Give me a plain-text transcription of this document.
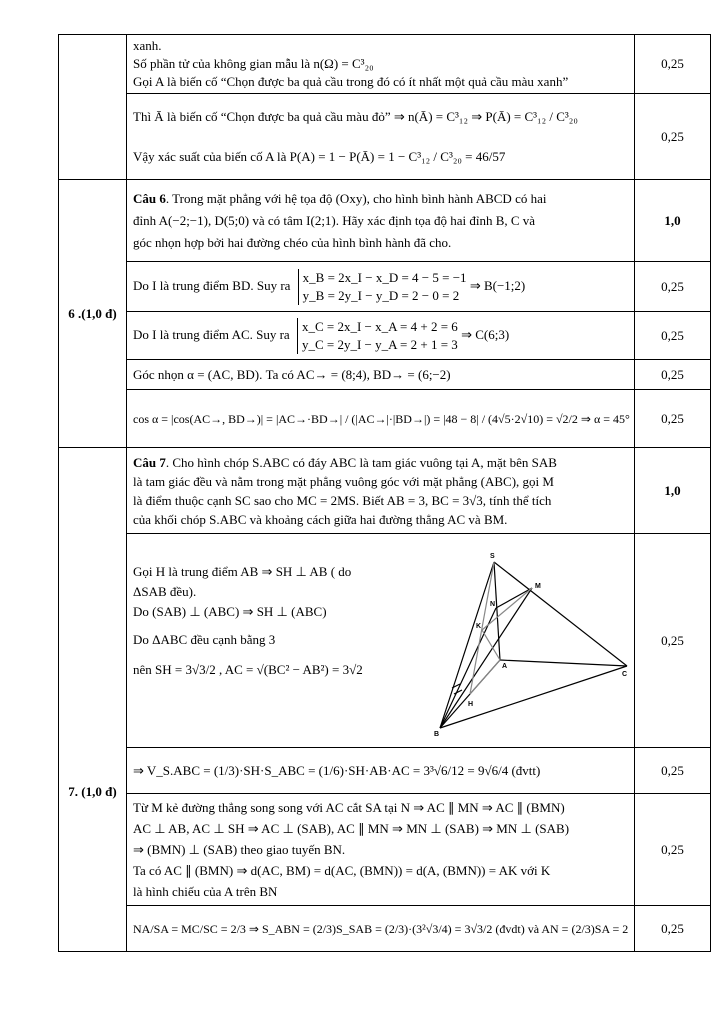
	xanh.
Số phần tử của không gian mẫu là n(Ω) = C³₂₀
Gọi A là biến cố “Chọn được ba quả cầu trong đó có ít nhất một quả cầu màu xanh”	0,25

	Thì Ā là biến cố “Chọn được ba quả cầu màu đỏ” ⇒ n(Ā) = C³₁₂ ⇒ P(Ā) = C³₁₂ / C³₂₀
Vậy xác suất của biến cố A là P(A) = 1 − P(Ā) = 1 − C³₁₂ / C³₂₀ = 46/57	0,25
6 .(1,0 đ)	Câu 6. Trong mặt phẳng với hệ tọa độ (Oxy), cho hình bình hành ABCD có hai
đỉnh A(−2;−1), D(5;0) và có tâm I(2;1). Hãy xác định tọa độ hai đỉnh B, C và
góc nhọn hợp bởi hai đường chéo của hình bình hành đã cho.	1,0

	Do I là trung điểm BD. Suy ra
x_B = 2x_I − x_D = 4 − 5 = −1
y_B = 2y_I − y_D = 2 − 0 = 2
⇒ B(−1;2)	0,25

	Do I là trung điểm AC. Suy ra
x_C = 2x_I − x_A = 4 + 2 = 6
y_C = 2y_I − y_A = 2 + 1 = 3
⇒ C(6;3)	0,25

	Góc nhọn α = (AC, BD). Ta có AC→ = (8;4), BD→ = (6;−2)	0,25

	cos α = |cos(AC→, BD→)| = |AC→·BD→| / (|AC→|·|BD→|) = |48 − 8| / (4√5·2√10) = √2/2 ⇒ α = 45°	0,25
7. (1,0 đ)	Câu 7. Cho hình chóp S.ABC có đáy ABC là tam giác vuông tại A, mặt bên SAB
là tam giác đều và nằm trong mặt phẳng vuông góc với mặt phẳng (ABC), gọi M
là điểm thuộc cạnh SC sao cho MC = 2MS. Biết AB = 3, BC = 3√3, tính thể tích
của khối chóp S.ABC và khoảng cách giữa hai đường thẳng AC và BM.	1,0

	Gọi H là trung điểm AB ⇒ SH ⊥ AB ( do
ΔSAB đều).
Do (SAB) ⊥ (ABC) ⇒ SH ⊥ (ABC)
Do ΔABC đều cạnh bằng 3
nên SH = 3√3/2 , AC = √(BC² − AB²) = 3√2	0,25

	⇒ V_S.ABC = (1/3)·SH·S_ABC = (1/6)·SH·AB·AC = 3³√6/12 = 9√6/4 (đvtt)	0,25

	Từ M kẻ đường thẳng song song với AC cắt SA tại N ⇒ AC ∥ MN ⇒ AC ∥ (BMN)
AC ⊥ AB, AC ⊥ SH ⇒ AC ⊥ (SAB), AC ∥ MN ⇒ MN ⊥ (SAB) ⇒ MN ⊥ (SAB)
⇒ (BMN) ⊥ (SAB) theo giao tuyến BN.
Ta có AC ∥ (BMN) ⇒ d(AC, BM) = d(AC, (BMN)) = d(A, (BMN)) = AK với K
là hình chiếu của A trên BN	0,25

	NA/SA = MC/SC = 2/3 ⇒ S_ABN = (2/3)S_SAB = (2/3)·(3²√3/4) = 3√3/2 (đvdt) và AN = (2/3)SA = 2	0,25
S
M
N
K
A
C
H
B
